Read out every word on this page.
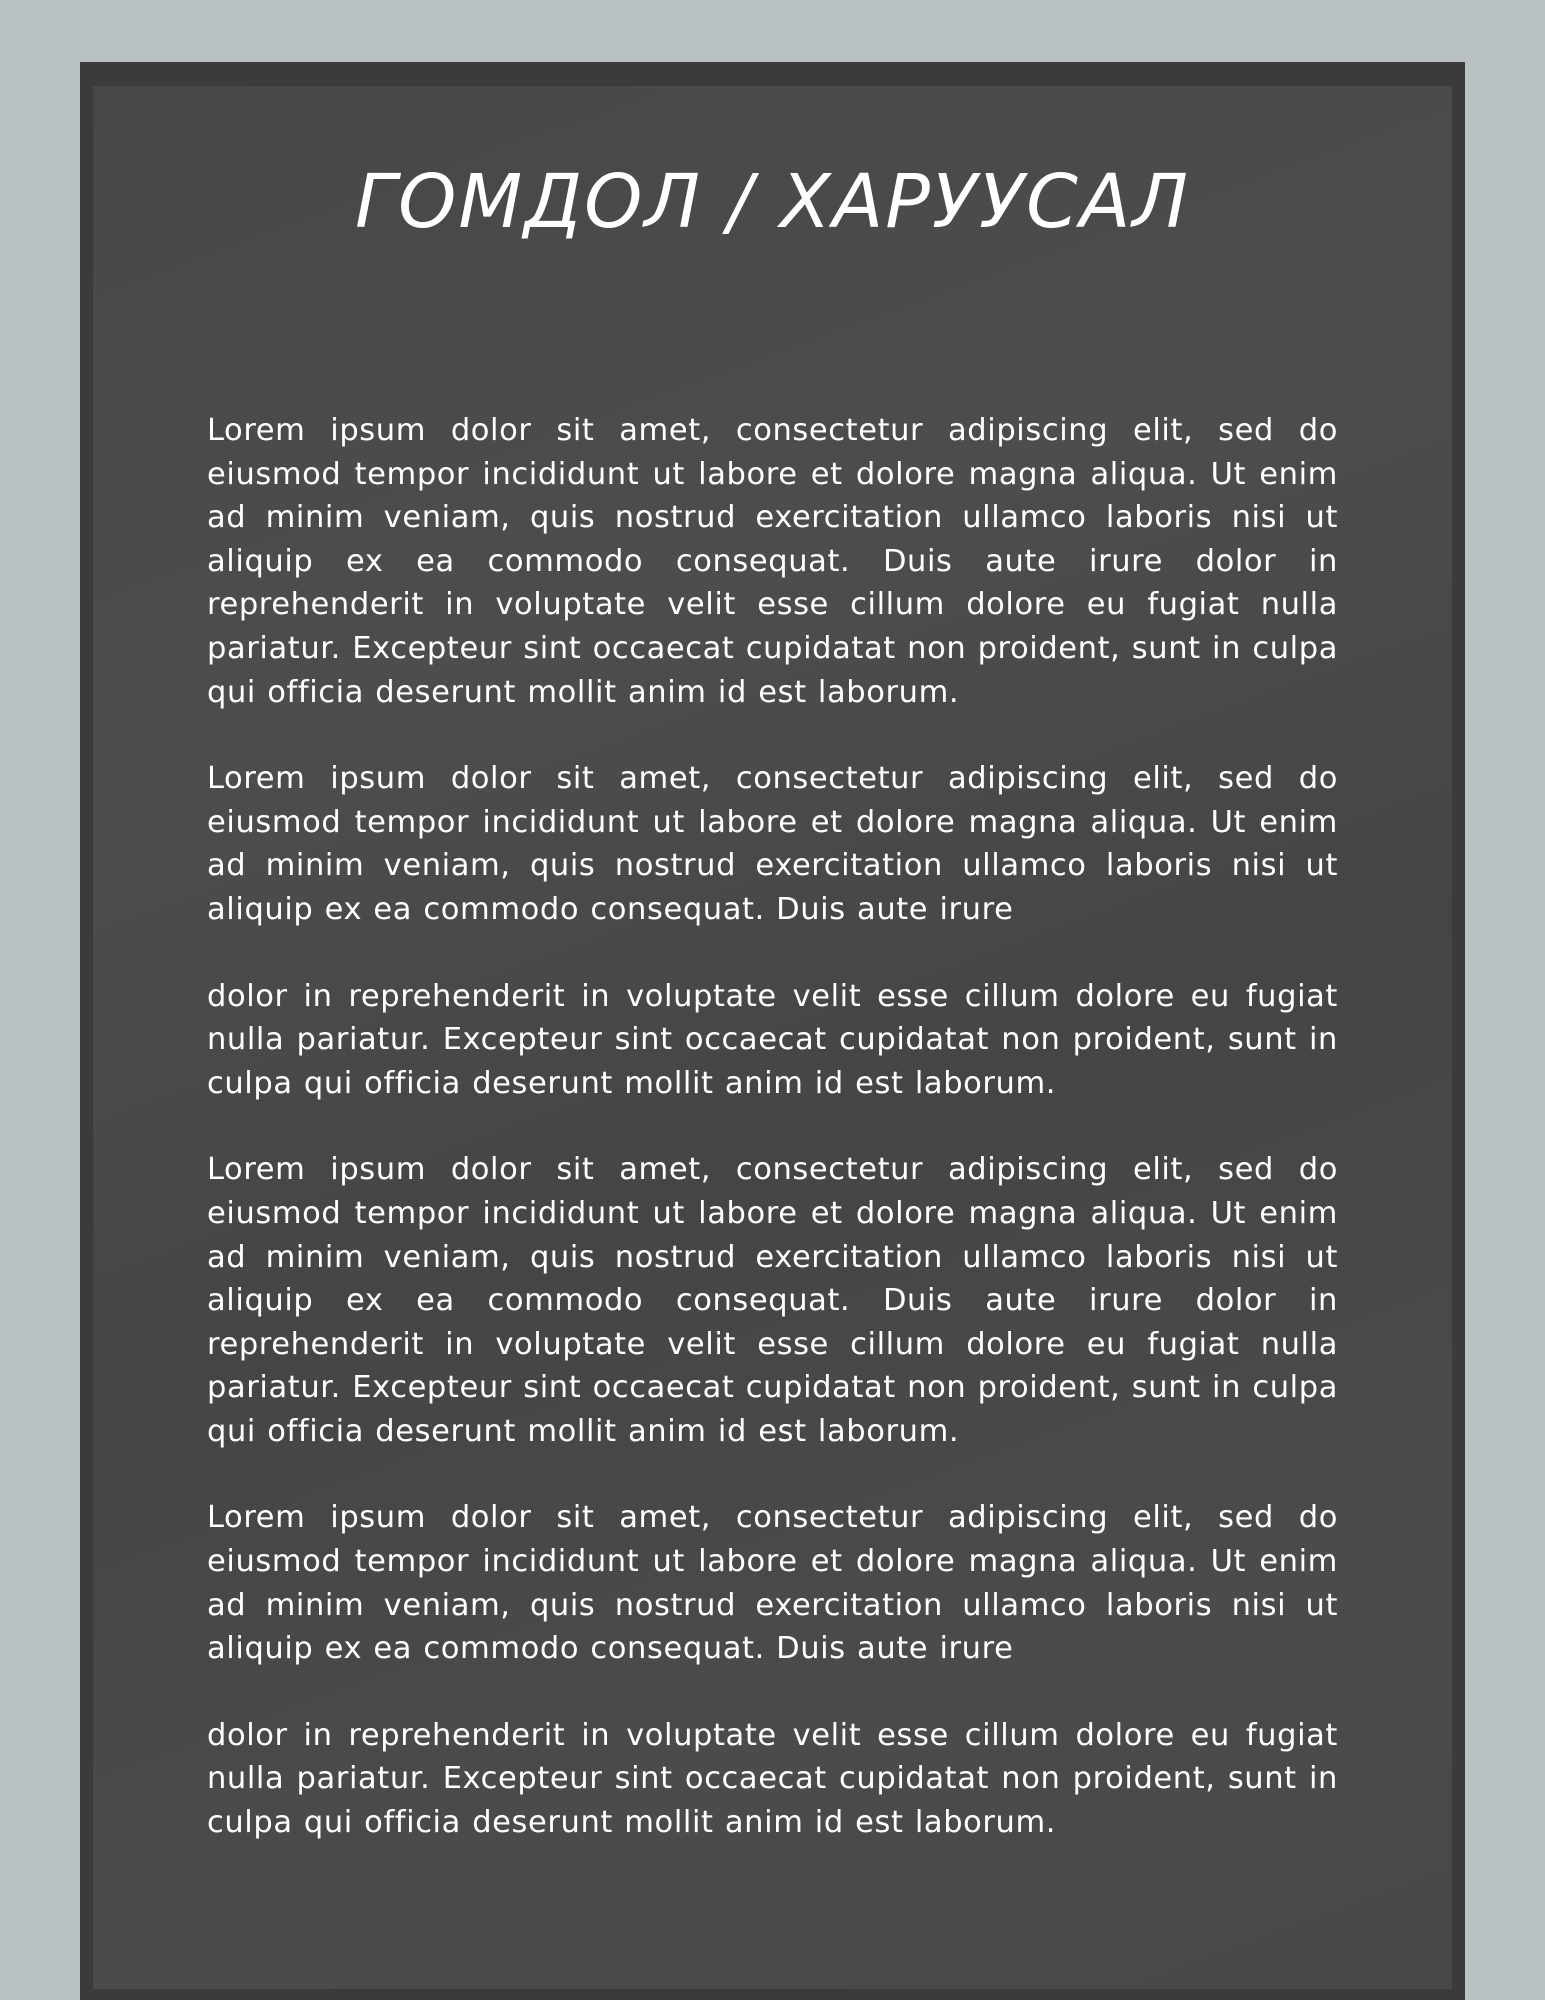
ГОМДОЛ / ХАРУУСАЛ

Lorem ipsum dolor sit amet, consectetur adipiscing elit, sed do eiusmod tempor incididunt ut labore et dolore magna aliqua. Ut enim ad minim veniam, quis nostrud exercitation ullamco laboris nisi ut aliquip ex ea commodo consequat. Duis aute irure dolor in reprehenderit in voluptate velit esse cillum dolore eu fugiat nulla pariatur. Excepteur sint occaecat cupidatat non proident, sunt in culpa qui officia deserunt mollit anim id est laborum.

Lorem ipsum dolor sit amet, consectetur adipiscing elit, sed do eiusmod tempor incididunt ut labore et dolore magna aliqua. Ut enim ad minim veniam, quis nostrud exercitation ullamco laboris nisi ut aliquip ex ea commodo consequat. Duis aute irure

dolor in reprehenderit in voluptate velit esse cillum dolore eu fugiat nulla pariatur. Excepteur sint occaecat cupidatat non proident, sunt in culpa qui officia deserunt mollit anim id est laborum.

Lorem ipsum dolor sit amet, consectetur adipiscing elit, sed do eiusmod tempor incididunt ut labore et dolore magna aliqua. Ut enim ad minim veniam, quis nostrud exercitation ullamco laboris nisi ut aliquip ex ea commodo consequat. Duis aute irure dolor in reprehenderit in voluptate velit esse cillum dolore eu fugiat nulla pariatur. Excepteur sint occaecat cupidatat non proident, sunt in culpa qui officia deserunt mollit anim id est laborum.

Lorem ipsum dolor sit amet, consectetur adipiscing elit, sed do eiusmod tempor incididunt ut labore et dolore magna aliqua. Ut enim ad minim veniam, quis nostrud exercitation ullamco laboris nisi ut aliquip ex ea commodo consequat. Duis aute irure

dolor in reprehenderit in voluptate velit esse cillum dolore eu fugiat nulla pariatur. Excepteur sint occaecat cupidatat non proident, sunt in culpa qui officia deserunt mollit anim id est laborum.
